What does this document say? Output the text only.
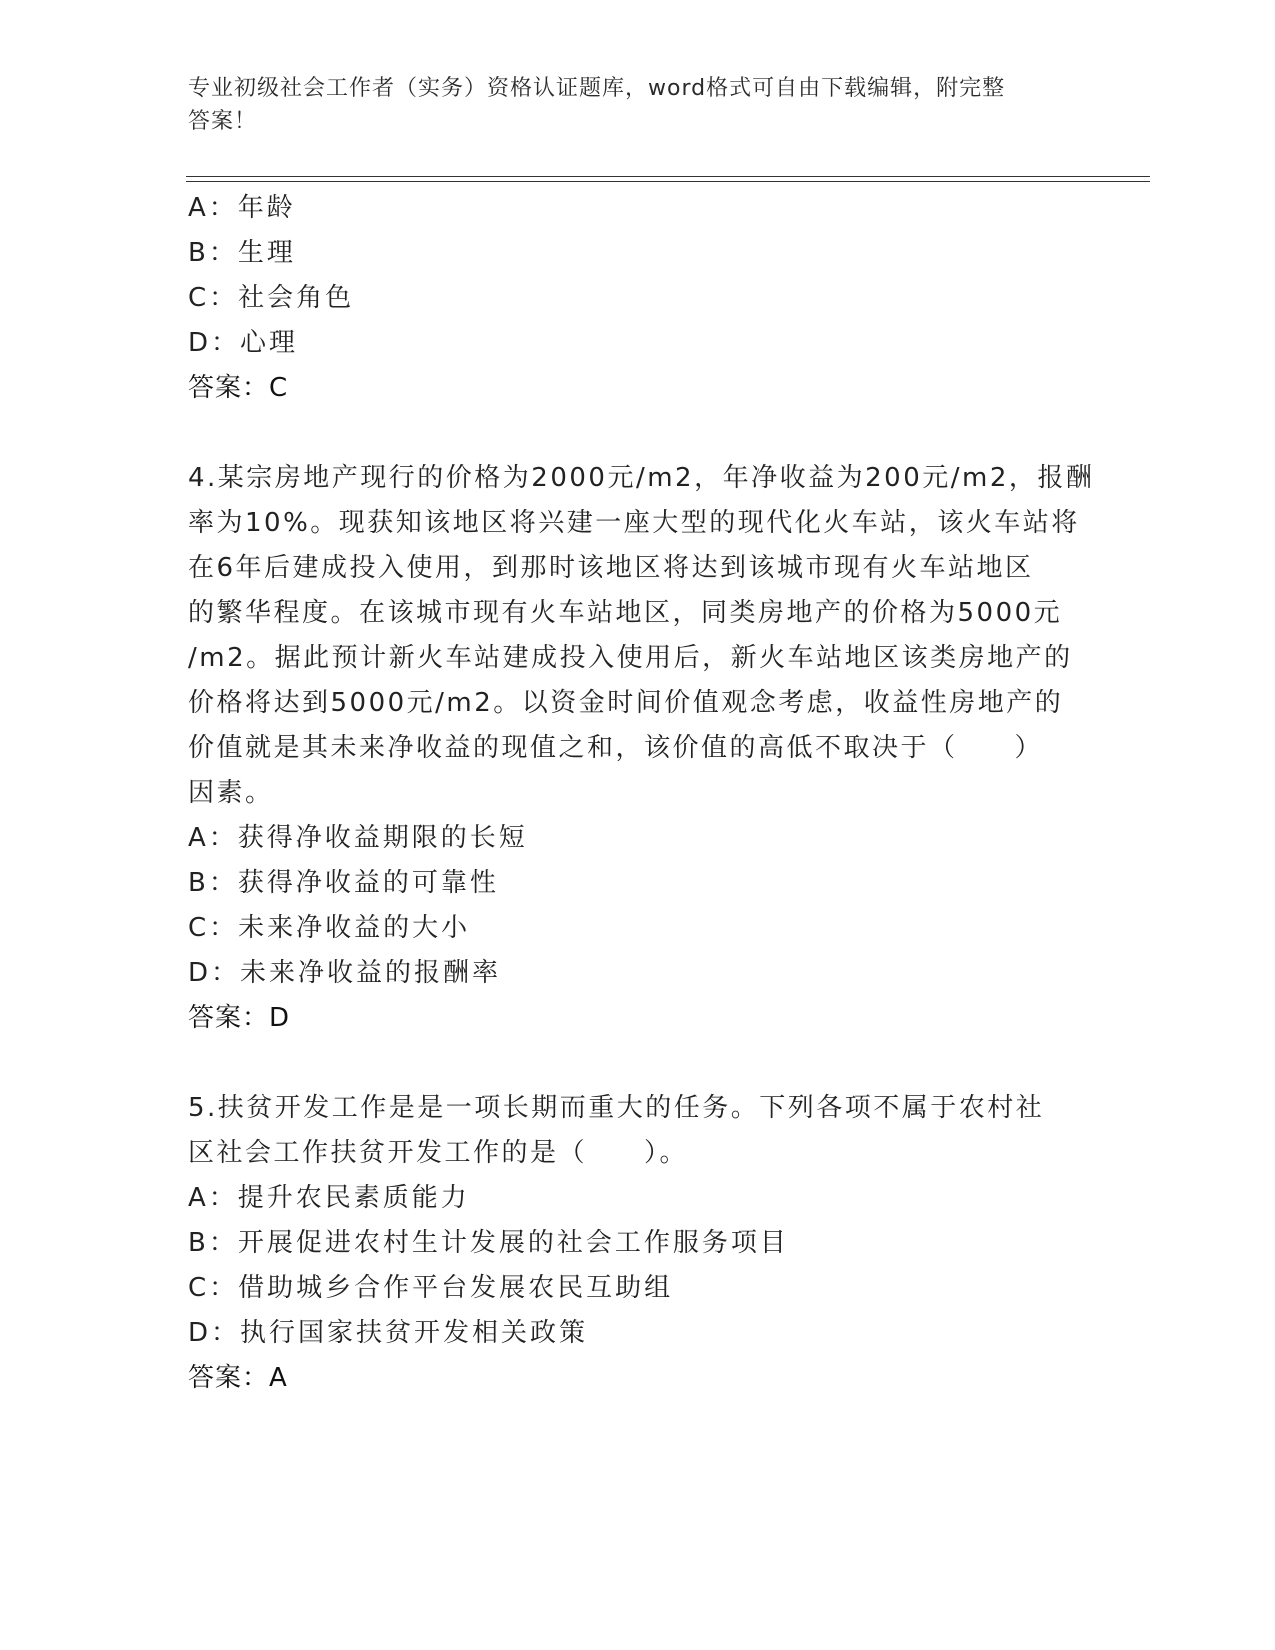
专业初级社会工作者（实务）资格认证题库，word格式可自由下载编辑，附完整
答案！
A：年龄
B：生理
C：社会角色
D：心理
答案：C
4.某宗房地产现行的价格为2000元/m2，年净收益为200元/m2，报酬
率为10%。现获知该地区将兴建一座大型的现代化火车站，该火车站将
在6年后建成投入使用，到那时该地区将达到该城市现有火车站地区
的繁华程度。在该城市现有火车站地区，同类房地产的价格为5000元
/m2。据此预计新火车站建成投入使用后，新火车站地区该类房地产的
价格将达到5000元/m2。以资金时间价值观念考虑，收益性房地产的
价值就是其未来净收益的现值之和，该价值的高低不取决于（　　）
因素。
A：获得净收益期限的长短
B：获得净收益的可靠性
C：未来净收益的大小
D：未来净收益的报酬率
答案：D
5.扶贫开发工作是是一项长期而重大的任务。下列各项不属于农村社
区社会工作扶贫开发工作的是（　　）。
A：提升农民素质能力
B：开展促进农村生计发展的社会工作服务项目
C：借助城乡合作平台发展农民互助组
D：执行国家扶贫开发相关政策
答案：A
